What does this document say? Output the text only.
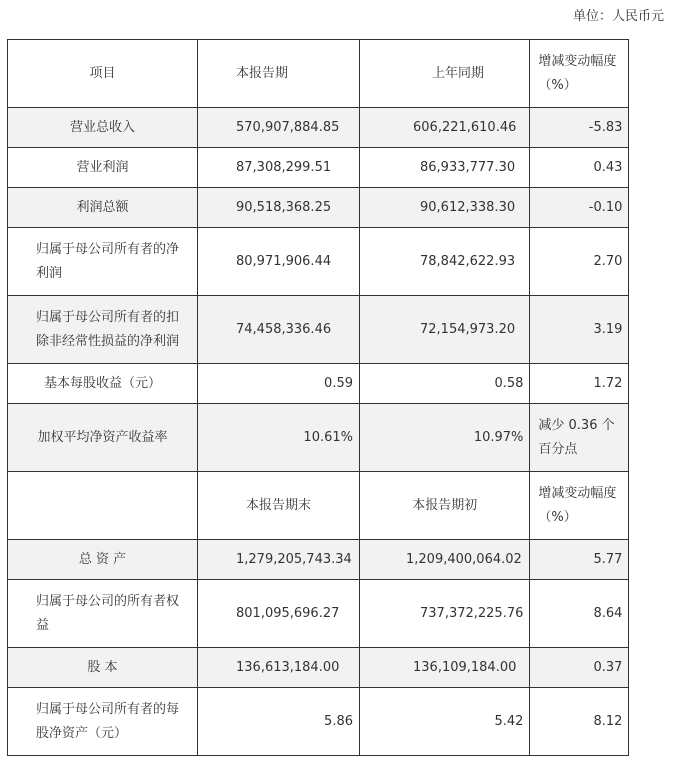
单位：人民币元
项目	本报告期	上年同期	增减变动幅度（%）
营业总收入	570,907,884.85	606,221,610.46	-5.83
营业利润	87,308,299.51	86,933,777.30	0.43
利润总额	90,518,368.25	90,612,338.30	-0.10
归属于母公司所有者的净利润	80,971,906.44	78,842,622.93	2.70
归属于母公司所有者的扣除非经常性损益的净利润	74,458,336.46	72,154,973.20	3.19
基本每股收益（元）	0.59	0.58	1.72
加权平均净资产收益率	10.61%	10.97%	减少 0.36 个百分点
	本报告期末	本报告期初	增减变动幅度（%）
总 资 产	1,279,205,743.34	1,209,400,064.02	5.77
归属于母公司的所有者权益	801,095,696.27	737,372,225.76	8.64
股 本	136,613,184.00	136,109,184.00	0.37
归属于母公司所有者的每股净资产（元）	5.86	5.42	8.12
